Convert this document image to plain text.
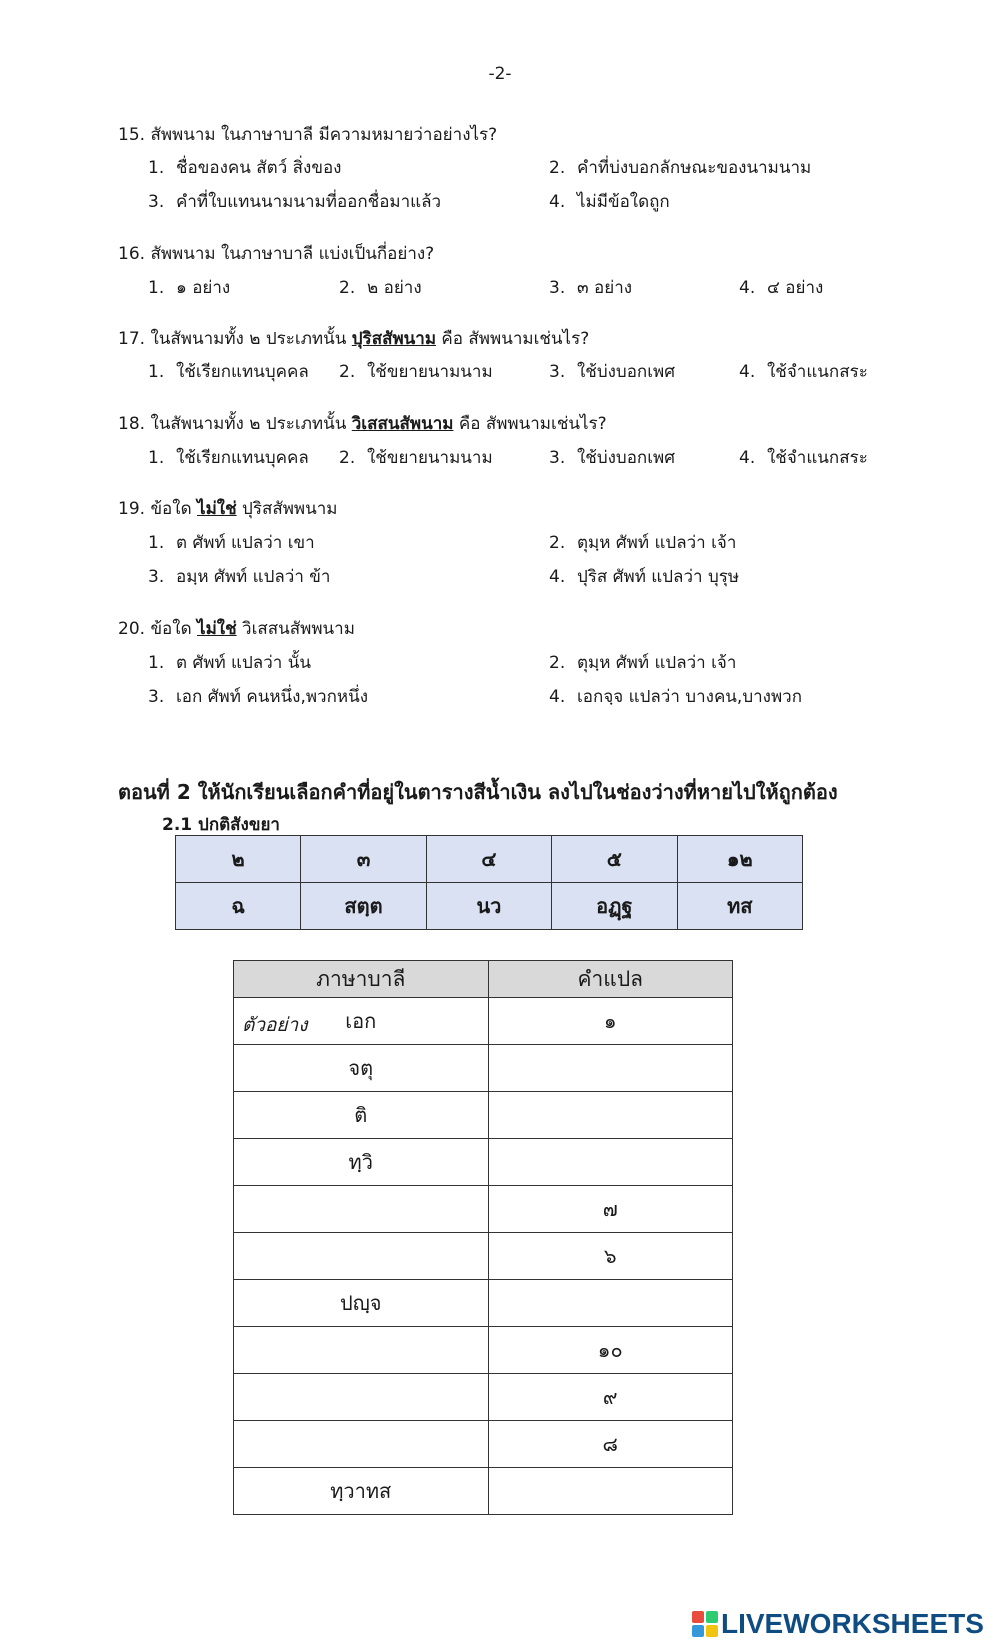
-2-
15. สัพพนาม ในภาษาบาลี มีความหมายว่าอย่างไร?
1. ชื่อของคน สัตว์ สิ่งของ	2. คำที่บ่งบอกลักษณะของนามนาม
3. คำที่ใบแทนนามนามที่ออกชื่อมาแล้ว	4. ไม่มีข้อใดถูก
16. สัพพนาม ในภาษาบาลี แบ่งเป็นกี่อย่าง?
1. ๑ อย่าง	2. ๒ อย่าง	3. ๓ อย่าง	4. ๔ อย่าง
17. ในสัพนามทั้ง ๒ ประเภทนั้น ปุริสสัพนาม คือ สัพพนามเช่นไร?
1. ใช้เรียกแทนบุคคล 2. ใช้ขยายนามนาม	3. ใช้บ่งบอกเพศ	4. ใช้จำแนกสระ
18. ในสัพนามทั้ง ๒ ประเภทนั้น วิเสสนสัพนาม คือ สัพพนามเช่นไร?
1. ใช้เรียกแทนบุคคล 2. ใช้ขยายนามนาม	3. ใช้บ่งบอกเพศ	4. ใช้จำแนกสระ
19. ข้อใด ไม่ใช่ ปุริสสัพพนาม
1. ต ศัพท์ แปลว่า เขา	2. ตุมฺห ศัพท์ แปลว่า เจ้า
3. อมฺห ศัพท์ แปลว่า ข้า	4. ปุริส ศัพท์ แปลว่า บุรุษ
20. ข้อใด ไม่ใช่ วิเสสนสัพพนาม
1. ต ศัพท์ แปลว่า นั้น	2. ตุมฺห ศัพท์ แปลว่า เจ้า
3. เอก ศัพท์ คนหนึ่ง,พวกหนึ่ง	4. เอกจฺจ แปลว่า บางคน,บางพวก
ตอนที่ 2 ให้นักเรียนเลือกคำที่อยู่ในตารางสีน้ำเงิน ลงไปในช่องว่างที่หายไปให้ถูกต้อง
2.1 ปกติสังขยา
๒	๓	๔	๕	๑๒
ฉ	สตฺต	นว	อฏฺฐ	ทส
ภาษาบาลี	คำแปล

ตัวอย่าง เอก	๑
จตุ	
ติ	
ทฺวิ	
	๗
	๖
ปญฺจ	
	๑๐
	๙
	๘
ทฺวาทส	
LIVEWORKSHEETS
